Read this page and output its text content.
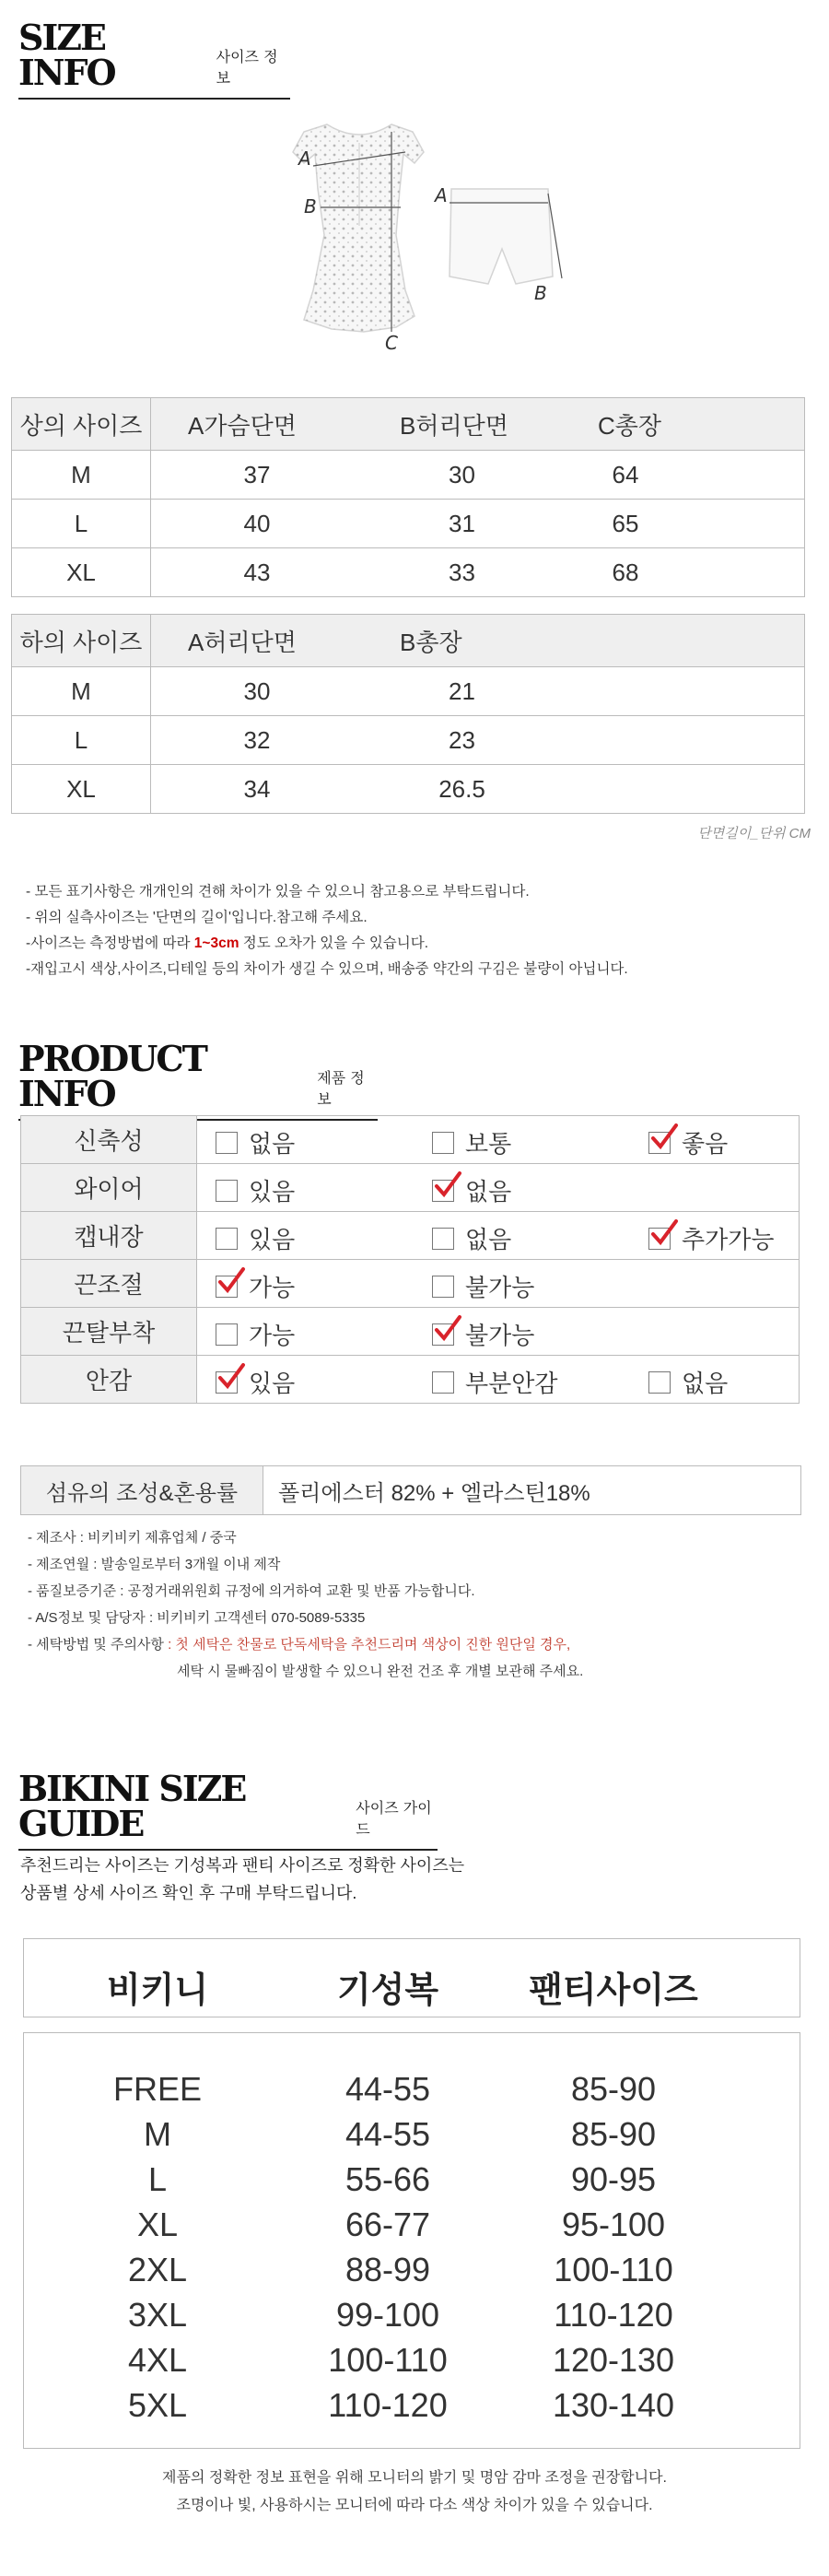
SIZE INFO	사이즈 정보
A
B
C
A
B
상의 사이즈	A가슴단면	B허리단면	C총장	
M	37	30	64	
L	40	31	65	
XL	43	33	68	
하의 사이즈	A허리단면	B총장		
M	30	21		
L	32	23		
XL	34	26.5		
단면길이_단위 CM
- 모든 표기사항은 개개인의 견해 차이가 있을 수 있으니 참고용으로 부탁드립니다.
- 위의 실측사이즈는 '단면의 길이'입니다.참고해 주세요.
-사이즈는 측정방법에 따라 1~3cm 정도 오차가 있을 수 있습니다.
-재입고시 색상,사이즈,디테일 등의 차이가 생길 수 있으며, 배송중 약간의 구김은 불량이 아닙니다.
PRODUCT INFO	제품 정보
신축성	없음 보통 좋음

와이어	있음 없음

캡내장	있음 없음 추가가능

끈조절	가능 불가능

끈탈부착	가능 불가능

안감	있음 부분안감 없음
섬유의 조성&혼용률	폴리에스터 82% + 엘라스틴18%
- 제조사 : 비키비키 제휴업체 / 중국
- 제조연월 : 발송일로부터 3개월 이내 제작
- 품질보증기준 : 공정거래위원회 규정에 의거하여 교환 및 반품 가능합니다.
- A/S정보 및 담당자 : 비키비키 고객센터 070-5089-5335
- 세탁방법 및 주의사항 : 첫 세탁은 찬물로 단독세탁을 추천드리며 색상이 진한 원단일 경우,
세탁 시 물빠짐이 발생할 수 있으니 완전 건조 후 개별 보관해 주세요.
BIKINI SIZE GUIDE	사이즈 가이드
추천드리는 사이즈는 기성복과 팬티 사이즈로 정확한 사이즈는
상품별 상세 사이즈 확인 후 구매 부탁드립니다.
비키니	기성복	팬티사이즈
FREE	44-55	85-90
M	44-55	85-90
L	55-66	90-95
XL	66-77	95-100
2XL	88-99	100-110
3XL	99-100	110-120
4XL	100-110	120-130
5XL	110-120	130-140
제품의 정확한 정보 표현을 위해 모니터의 밝기 및 명암 감마 조정을 권장합니다.
조명이나 빛, 사용하시는 모니터에 따라 다소 색상 차이가 있을 수 있습니다.
